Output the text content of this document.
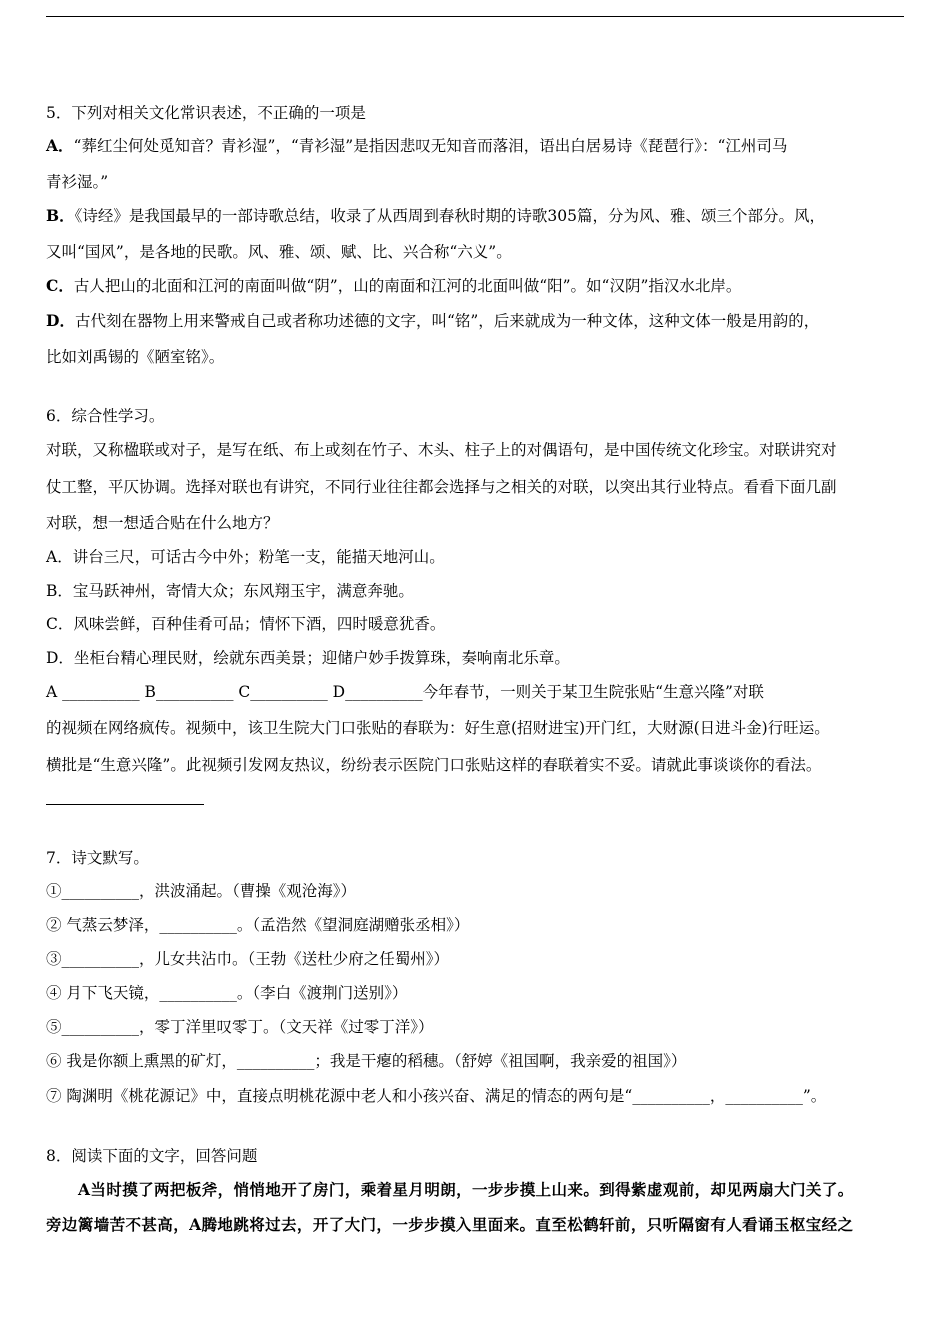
5．下列对相关文化常识表述，不正确的一项是
A．“葬红尘何处觅知音？青衫湿”，“青衫湿”是指因悲叹无知音而落泪，语出白居易诗《琵琶行》：“江州司马
青衫湿。”
B．《诗经》是我国最早的一部诗歌总结，收录了从西周到春秋时期的诗歌305篇，分为风、雅、颂三个部分。风，
又叫“国风”，是各地的民歌。风、雅、颂、赋、比、兴合称“六义”。
C．古人把山的北面和江河的南面叫做“阴”，山的南面和江河的北面叫做“阳”。如“汉阴”指汉水北岸。
D．古代刻在器物上用来警戒自己或者称功述德的文字，叫“铭”，后来就成为一种文体，这种文体一般是用韵的，
比如刘禹锡的《陋室铭》。
6．综合性学习。
对联，又称楹联或对子，是写在纸、布上或刻在竹子、木头、柱子上的对偶语句，是中国传统文化珍宝。对联讲究对
仗工整，平仄协调。选择对联也有讲究，不同行业往往都会选择与之相关的对联，以突出其行业特点。看看下面几副
对联，想一想适合贴在什么地方？
A．讲台三尺，可话古今中外；粉笔一支，能描天地河山。
B．宝马跃神州，寄情大众；东风翔玉宇，满意奔驰。
C．风味尝鲜，百种佳肴可品；情怀下酒，四时暖意犹香。
D．坐柜台精心理民财，绘就东西美景；迎储户妙手拨算珠，奏响南北乐章。
A __________ B__________ C__________ D__________今年春节，一则关于某卫生院张贴“生意兴隆”对联
的视频在网络疯传。视频中，该卫生院大门口张贴的春联为：好生意(招财进宝)开门红，大财源(日进斗金)行旺运。
横批是“生意兴隆”。此视频引发网友热议，纷纷表示医院门口张贴这样的春联着实不妥。请就此事谈谈你的看法。
7．诗文默写。
①__________，洪波涌起。（曹操《观沧海》）
② 气蒸云梦泽，__________。（孟浩然《望洞庭湖赠张丞相》）
③__________，儿女共沾巾。（王勃《送杜少府之任蜀州》）
④ 月下飞天镜，__________。（李白《渡荆门送别》）
⑤__________，零丁洋里叹零丁。（文天祥《过零丁洋》）
⑥ 我是你额上熏黑的矿灯，__________；我是干瘪的稻穗。（舒婷《祖国啊，我亲爱的祖国》）
⑦ 陶渊明《桃花源记》中，直接点明桃花源中老人和小孩兴奋、满足的情态的两句是“__________，__________”。
8．阅读下面的文字，回答问题
A当时摸了两把板斧，悄悄地开了房门，乘着星月明朗，一步步摸上山来。到得紫虚观前，却见两扇大门关了。
旁边篱墙苦不甚高，A腾地跳将过去，开了大门，一步步摸入里面来。直至松鹤轩前，只听隔窗有人看诵玉枢宝经之
